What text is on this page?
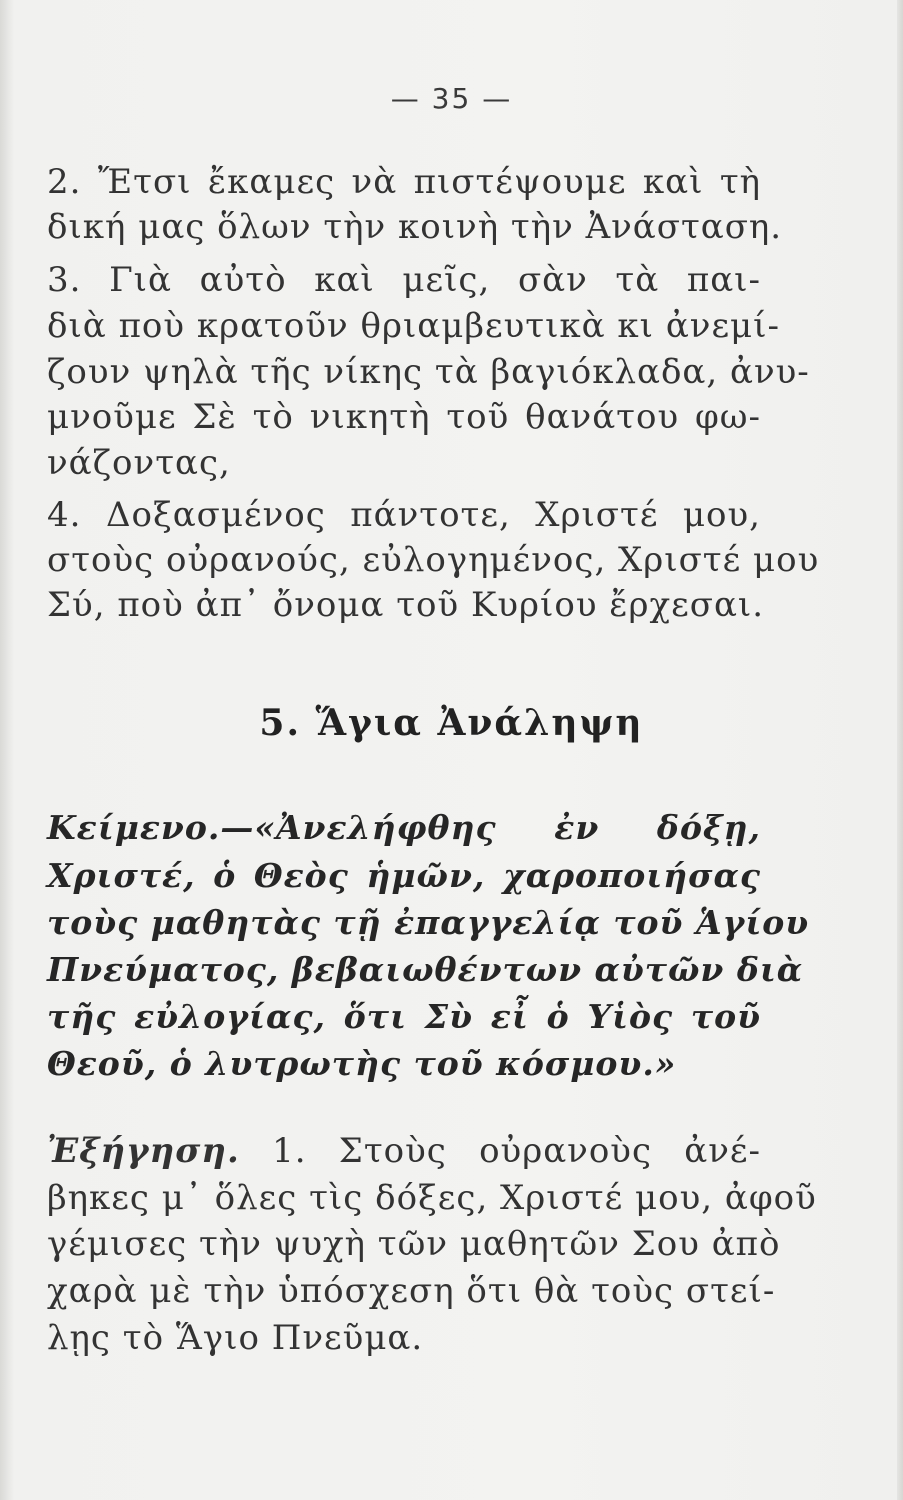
— 35 —
2. Ἔτσι ἔκαμες νὰ πιστέψουμε καὶ τὴ
δική μας ὅλων τὴν κοινὴ τὴν Ἀνάσταση.
3. Γιὰ αὐτὸ καὶ μεῖς, σὰν τὰ παι-
διὰ ποὺ κρατοῦν θριαμβευτικὰ κι ἀνεμί-
ζουν ψηλὰ τῆς νίκης τὰ βαγιόκλαδα, ἀνυ-
μνοῦμε Σὲ τὸ νικητὴ τοῦ θανάτου φω-
νάζοντας,
4. Δοξασμένος πάντοτε, Χριστέ μου,
στοὺς οὐρανούς, εὐλογημένος, Χριστέ μου
Σύ, ποὺ ἀπ᾿ ὄνομα τοῦ Κυρίου ἔρχεσαι.
5. Ἅγια Ἀνάληψη
Κείμενο.—«Ἀνελήφθης ἐν δόξῃ,
Χριστέ, ὁ Θεὸς ἡμῶν, χαροποιήσας
τοὺς μαθητὰς τῇ ἐπαγγελίᾳ τοῦ Ἁγίου
Πνεύματος, βεβαιωθέντων αὐτῶν διὰ
τῆς εὐλογίας, ὅτι Σὺ εἶ ὁ Υἱὸς τοῦ
Θεοῦ, ὁ λυτρωτὴς τοῦ κόσμου.»
Ἐξήγηση. 1. Στοὺς οὐρανοὺς ἀνέ-
βηκες μ᾿ ὅλες τὶς δόξες, Χριστέ μου, ἀφοῦ
γέμισες τὴν ψυχὴ τῶν μαθητῶν Σου ἀπὸ
χαρὰ μὲ τὴν ὑπόσχεση ὅτι θὰ τοὺς στεί-
λῃς τὸ Ἅγιο Πνεῦμα.
